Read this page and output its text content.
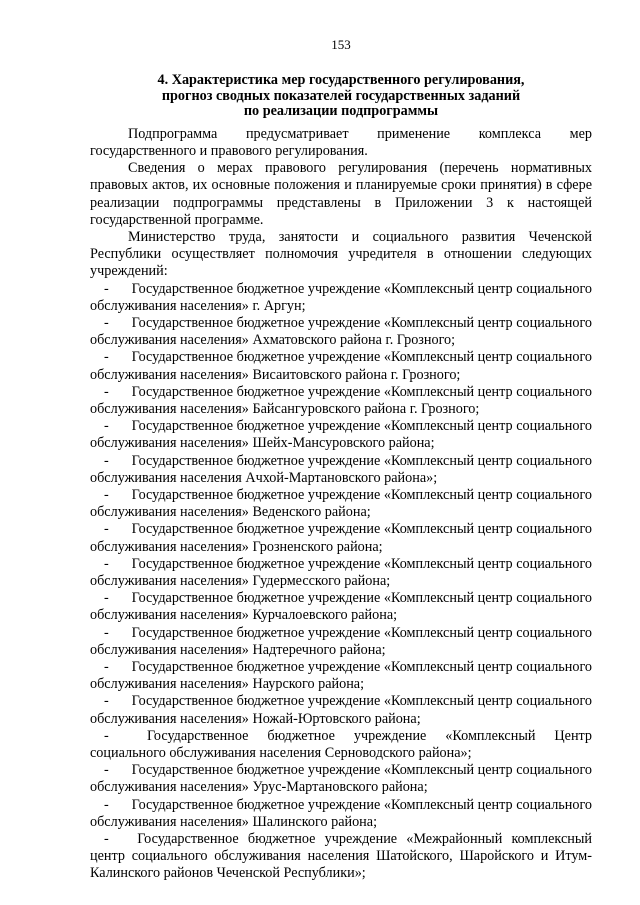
153
4. Характеристика мер государственного регулирования,
прогноз сводных показателей государственных заданий
по реализации подпрограммы

Подпрограмма предусматривает применение комплекса мер государственного и правового регулирования.

Сведения о мерах правового регулирования (перечень нормативных правовых актов, их основные положения и планируемые сроки принятия) в сфере реализации подпрограммы представлены в Приложении 3 к настоящей государственной программе.

Министерство труда, занятости и социального развития Чеченской Республики осуществляет полномочия учредителя в отношении следующих учреждений:

- Государственное бюджетное учреждение «Комплексный центр социального обслуживания населения» г. Аргун;

- Государственное бюджетное учреждение «Комплексный центр социального обслуживания населения» Ахматовского района г. Грозного;

- Государственное бюджетное учреждение «Комплексный центр социального обслуживания населения» Висаитовского района г. Грозного;

- Государственное бюджетное учреждение «Комплексный центр социального обслуживания населения» Байсангуровского района г. Грозного;

- Государственное бюджетное учреждение «Комплексный центр социального обслуживания населения» Шейх-Мансуровского района;

- Государственное бюджетное учреждение «Комплексный центр социального обслуживания населения Ачхой-Мартановского района»;

- Государственное бюджетное учреждение «Комплексный центр социального обслуживания населения» Веденского района;

- Государственное бюджетное учреждение «Комплексный центр социального обслуживания населения» Грозненского района;

- Государственное бюджетное учреждение «Комплексный центр социального обслуживания населения» Гудермесского района;

- Государственное бюджетное учреждение «Комплексный центр социального обслуживания населения» Курчалоевского района;

- Государственное бюджетное учреждение «Комплексный центр социального обслуживания населения» Надтеречного района;

- Государственное бюджетное учреждение «Комплексный центр социального обслуживания населения» Наурского района;

- Государственное бюджетное учреждение «Комплексный центр социального обслуживания населения» Ножай-Юртовского района;

-	Государственное бюджетное учреждение «Комплексный Центр социального обслуживания населения Серноводского района»;

- Государственное бюджетное учреждение «Комплексный центр социального обслуживания населения» Урус-Мартановского района;

- Государственное бюджетное учреждение «Комплексный центр социального обслуживания населения» Шалинского района;

- Государственное бюджетное учреждение «Межрайонный комплексный центр социального обслуживания населения Шатойского, Шаройского и Итум-Калинского районов Чеченской Республики»;
